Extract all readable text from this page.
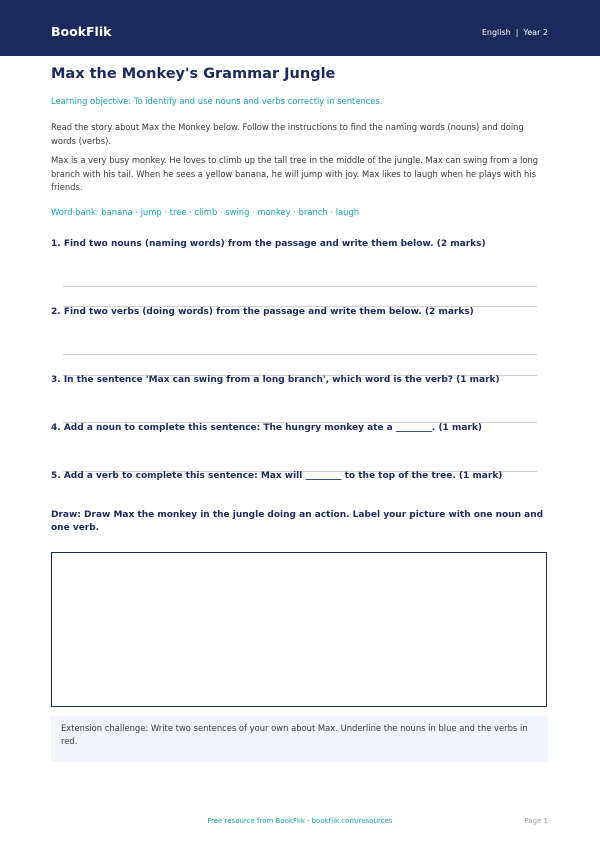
BookFlik	English | Year 2
Max the Monkey's Grammar Jungle
Learning objective: To identify and use nouns and verbs correctly in sentences.
Read the story about Max the Monkey below. Follow the instructions to find the naming words (nouns) and doing words (verbs).
Max is a very busy monkey. He loves to climb up the tall tree in the middle of the jungle. Max can swing from a long branch with his tail. When he sees a yellow banana, he will jump with joy. Max likes to laugh when he plays with his friends.
Word bank: banana · jump · tree · climb · swing · monkey · branch · laugh
1. Find two nouns (naming words) from the passage and write them below. (2 marks)
2. Find two verbs (doing words) from the passage and write them below. (2 marks)
3. In the sentence 'Max can swing from a long branch', which word is the verb? (1 mark)
4. Add a noun to complete this sentence: The hungry monkey ate a ________. (1 mark)
5. Add a verb to complete this sentence: Max will ________ to the top of the tree. (1 mark)
Draw: Draw Max the monkey in the jungle doing an action. Label your picture with one noun and one verb.
Extension challenge: Write two sentences of your own about Max. Underline the nouns in blue and the verbs in red.
Free resource from BookFlik · bookflik.com/resources	Page 1
